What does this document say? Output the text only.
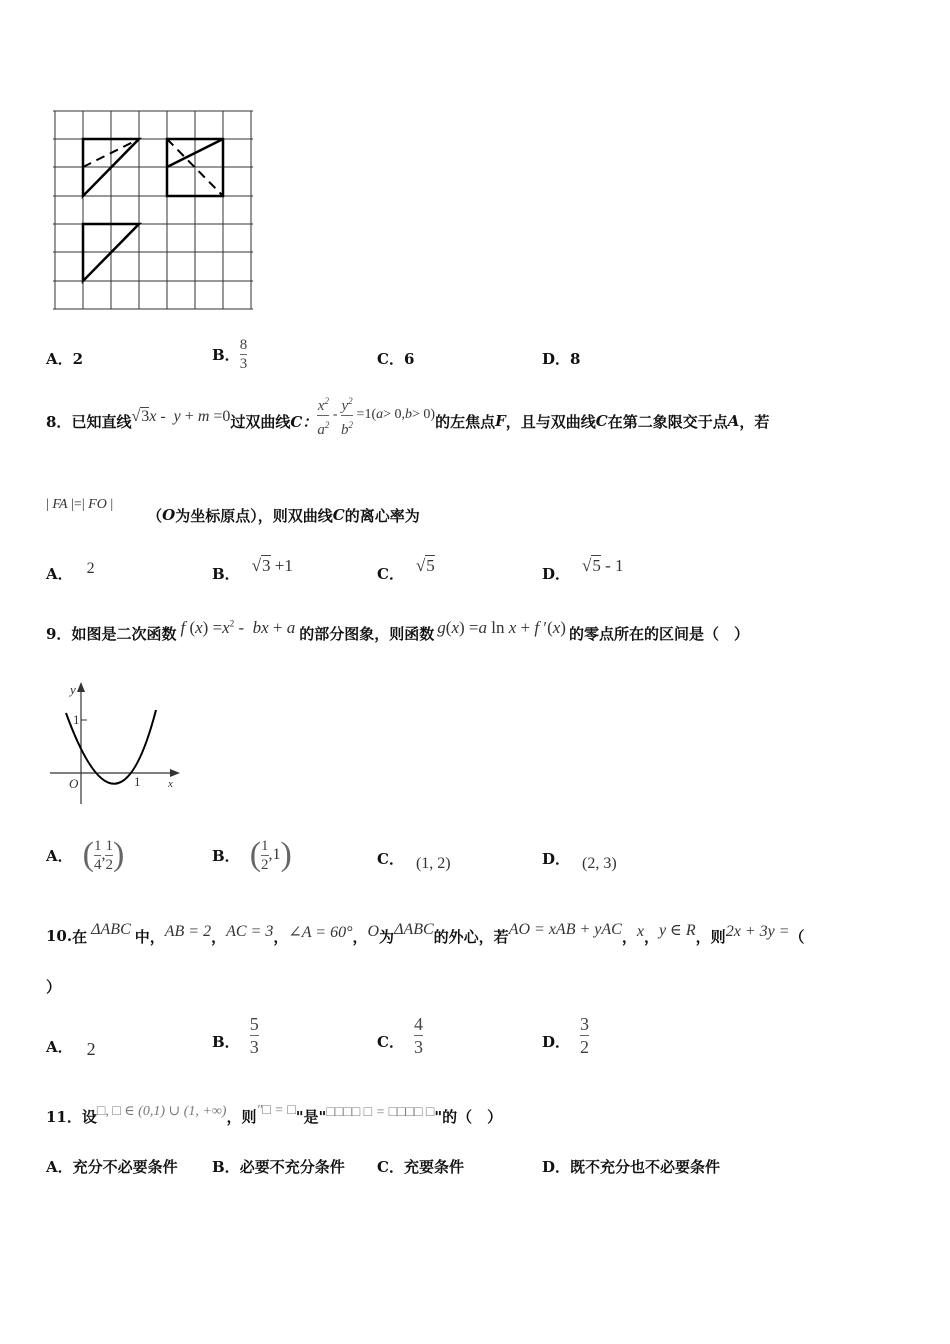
A．2	B． $\frac{8}{3}$	C．6	D．8
8． 已知直线 √3x -  y + m =0 过双曲线 C： $\frac{x^2}{a^2} - \frac{y^2}{b^2} =1$( a > 0, b > 0) 的左焦点 F ，且与双曲线 C 在第二象限交于点 A ，若
| FA |=| FO |
（ O 为坐标原点），则双曲线 C 的离心率为
A． 2	B． √3 +1	C． √5	D． √5 - 1
9． 如图是二次函数 f $(x) =x^2$ -  bx + a 的部分图象，则函数 g(x) =a ln x + f ′(x) 的零点所在的区间是（　）
y
1
O	1	x
A． ( $\frac{1}{4}$ , $\frac{1}{2}$ )	B． ( $\frac{1}{2} ,1$ )	C． (1, 2)	D． (2, 3)
10. 在 ΔABC 中， AB = 2 ， AC = 3 ， ∠A = 60° ， O 为 ΔABC 的外心，若 AO = xAB + yAC ， x ， y ∈ R ，则 2x + 3y = （
）
A． 2	B． $\frac{5}{3}$	C． $\frac{4}{3}$	D． $\frac{3}{2}$
11． 设 □, □ ∈ (0,1) ∪ (1, +∞) ，则 ″□ = □ "是" □□□□ □ = □□□□ □ "的（　）
A．充分不必要条件 B．必要不充分条件 C．充要条件	D．既不充分也不必要条件
